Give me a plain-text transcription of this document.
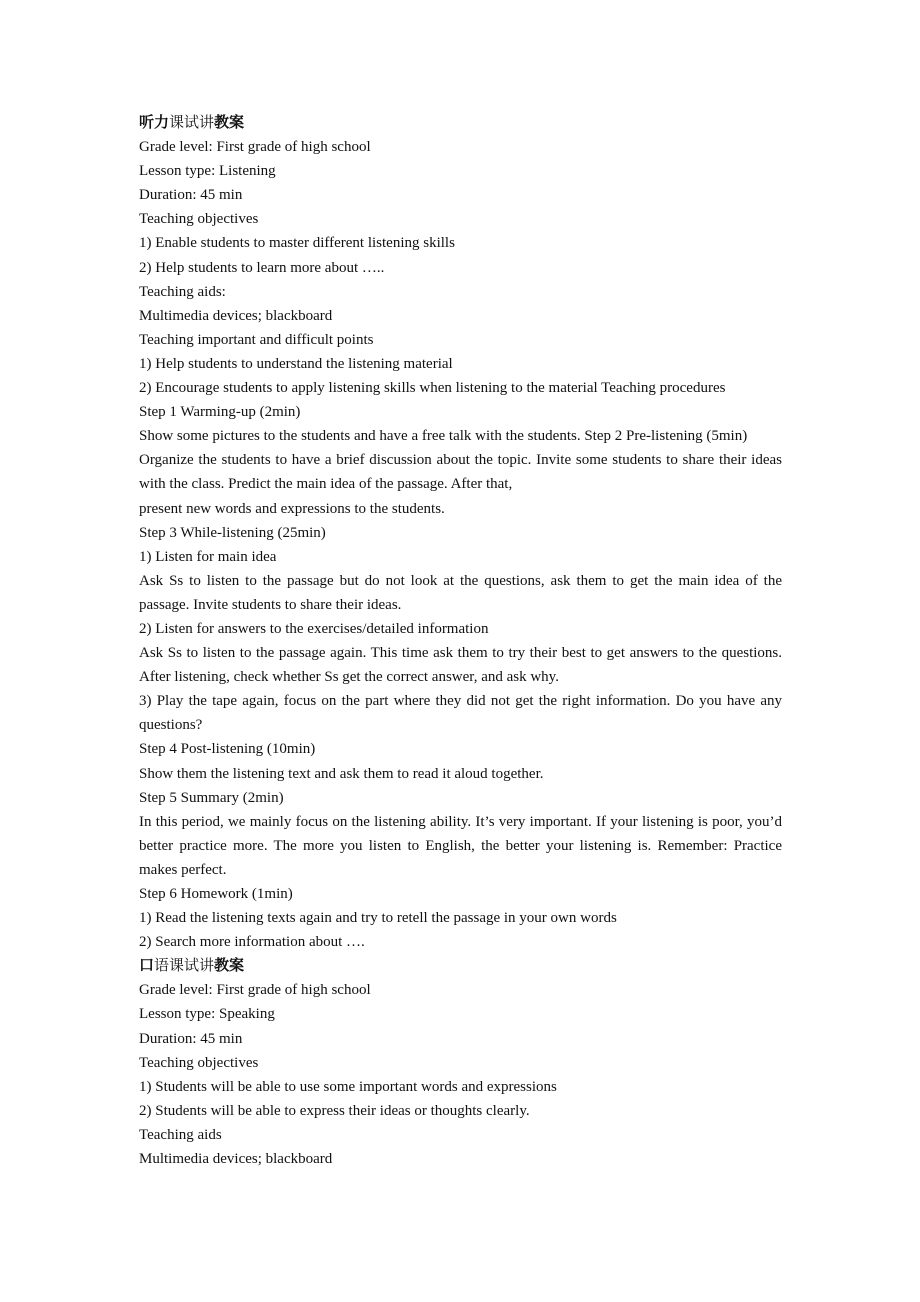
听力课试讲教案
Grade level: First grade of high school
Lesson type: Listening
Duration: 45 min
Teaching objectives
1) Enable students to master different listening skills
2) Help students to learn more about …..
Teaching aids:
Multimedia devices; blackboard
Teaching important and difficult points
1) Help students to understand the listening material
2) Encourage students to apply listening skills when listening to the material Teaching procedures
Step 1 Warming-up (2min)
Show some pictures to the students and have a free talk with the students. Step 2 Pre-listening (5min)
Organize the students to have a brief discussion about the topic. Invite some students to share their ideas with the class. Predict the main idea of the passage. After that,
present new words and expressions to the students.
Step 3 While-listening (25min)
1) Listen for main idea
Ask Ss to listen to the passage but do not look at the questions, ask them to get the main idea of the passage. Invite students to share their ideas.
2) Listen for answers to the exercises/detailed information
Ask Ss to listen to the passage again. This time ask them to try their best to get answers to the questions. After listening, check whether Ss get the correct answer, and ask why.
3) Play the tape again, focus on the part where they did not get the right information. Do you have any questions?
Step 4 Post-listening (10min)
Show them the listening text and ask them to read it aloud together.
Step 5 Summary (2min)
In this period, we mainly focus on the listening ability. It’s very important. If your listening is poor, you’d better practice more. The more you listen to English, the better your listening is. Remember: Practice makes perfect.
Step 6 Homework (1min)
1) Read the listening texts again and try to retell the passage in your own words
2) Search more information about ….
口语课试讲教案
Grade level: First grade of high school
Lesson type: Speaking
Duration: 45 min
Teaching objectives
1) Students will be able to use some important words and expressions
2) Students will be able to express their ideas or thoughts clearly.
Teaching aids
Multimedia devices; blackboard
